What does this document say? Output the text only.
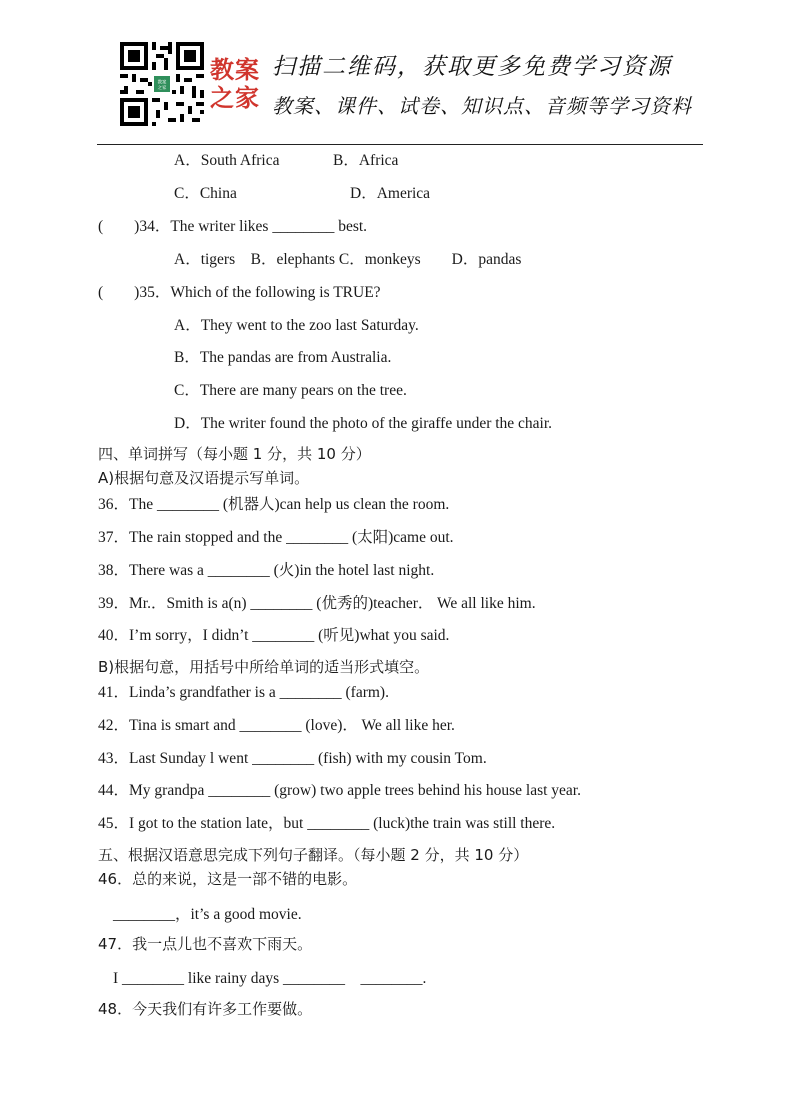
教案
之家
教案
之家
扫描二维码，获取更多免费学习资源
教案、课件、试卷、知识点、音频等学习资料
A．South Africa	B．Africa
C．China	D．America
(　　)34．The writer likes ________ best.
A．tigers　B．elephants C．monkeys　　D．pandas
(　　)35．Which of the following is TRUE?
A．They went to the zoo last Saturday.
B．The pandas are from Australia.
C．There are many pears on the tree.
D．The writer found the photo of the giraffe under the chair.
四、单词拼写（每小题 1 分，共 10 分）
A)根据句意及汉语提示写单词。
36．The ________ (机器人)can help us clean the room.
37．The rain stopped and the ________ (太阳)came out.
38．There was a ________ (火)in the hotel last night.
39．Mr.．Smith is a(n) ________ (优秀的)teacher． We all like him.
40．I’m sorry，I didn’t ________ (听见)what you said.
B)根据句意，用括号中所给单词的适当形式填空。
41．Linda’s grandfather is a ________ (farm).
42．Tina is smart and ________ (love)． We all like her.
43．Last Sunday l went ________ (fish) with my cousin Tom.
44．My grandpa ________ (grow) two apple trees behind his house last year.
45．I got to the station late，but ________ (luck)the train was still there.
五、根据汉语意思完成下列句子翻译。（每小题 2 分，共 10 分）
46．总的来说，这是一部不错的电影。
________，it’s a good movie.
47．我一点儿也不喜欢下雨天。
I ________ like rainy days ________　________.
48．今天我们有许多工作要做。
